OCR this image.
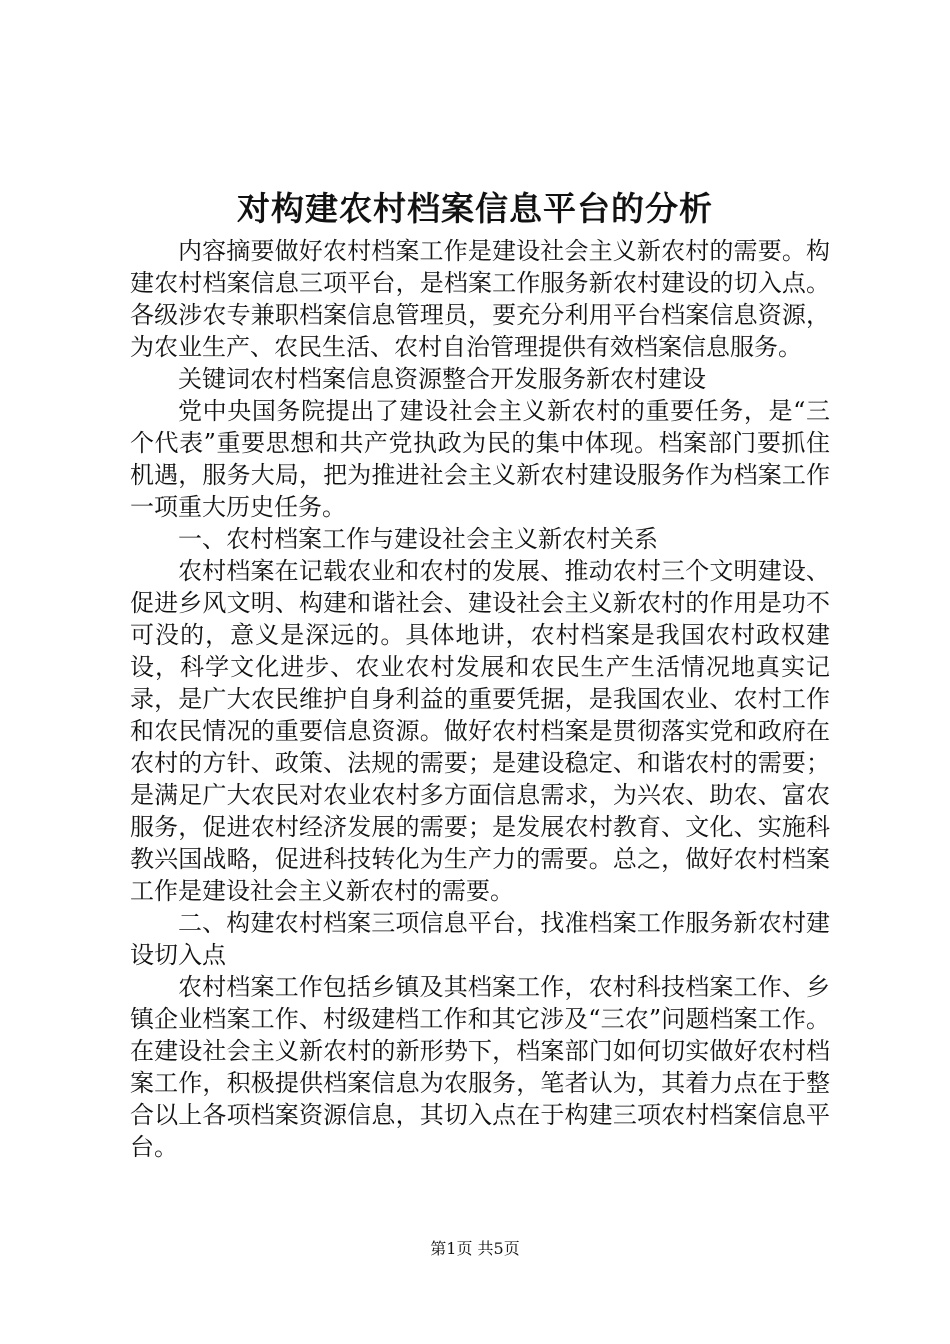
对构建农村档案信息平台的分析

内容摘要做好农村档案工作是建设社会主义新农村的需要。构建农村档案信息三项平台，是档案工作服务新农村建设的切入点。各级涉农专兼职档案信息管理员，要充分利用平台档案信息资源，为农业生产、农民生活、农村自治管理提供有效档案信息服务。

关键词农村档案信息资源整合开发服务新农村建设

党中央国务院提出了建设社会主义新农村的重要任务，是“三个代表”重要思想和共产党执政为民的集中体现。档案部门要抓住机遇，服务大局，把为推进社会主义新农村建设服务作为档案工作一项重大历史任务。

一、农村档案工作与建设社会主义新农村关系

农村档案在记载农业和农村的发展、推动农村三个文明建设、促进乡风文明、构建和谐社会、建设社会主义新农村的作用是功不可没的，意义是深远的。具体地讲，农村档案是我国农村政权建设，科学文化进步、农业农村发展和农民生产生活情况地真实记录，是广大农民维护自身利益的重要凭据，是我国农业、农村工作和农民情况的重要信息资源。做好农村档案是贯彻落实党和政府在农村的方针、政策、法规的需要；是建设稳定、和谐农村的需要；是满足广大农民对农业农村多方面信息需求，为兴农、助农、富农服务，促进农村经济发展的需要；是发展农村教育、文化、实施科教兴国战略，促进科技转化为生产力的需要。总之，做好农村档案工作是建设社会主义新农村的需要。

二、构建农村档案三项信息平台，找准档案工作服务新农村建设切入点

农村档案工作包括乡镇及其档案工作，农村科技档案工作、乡镇企业档案工作、村级建档工作和其它涉及“三农”问题档案工作。在建设社会主义新农村的新形势下，档案部门如何切实做好农村档案工作，积极提供档案信息为农服务，笔者认为，其着力点在于整合以上各项档案资源信息，其切入点在于构建三项农村档案信息平台。

第1页 共5页
